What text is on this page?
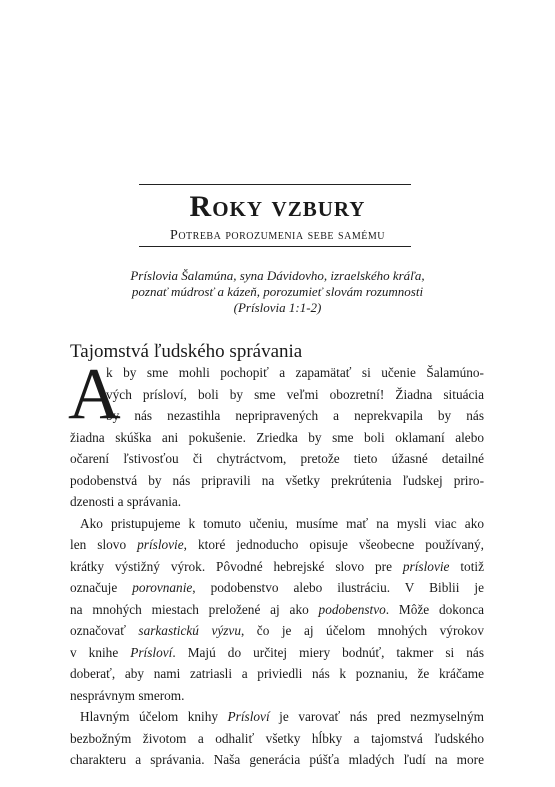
Roky vzbury
Potreba porozumenia sebe samému
Príslovia Šalamúna, syna Dávidovho, izraelského kráľa,
poznať múdrosť a kázeň, porozumieť slovám rozumnosti
(Príslovia 1:1-2)
Tajomstvá ľudského správania
A
k by sme mohli pochopiť a zapamätať si učenie Šalamúno-
vých prísloví, boli by sme veľmi obozretní! Žiadna situácia
by nás nezastihla nepripravených a neprekvapila by nás
žiadna skúška ani pokušenie. Zriedka by sme boli oklamaní alebo
očarení ľstivosťou či chytráctvom, pretože tieto úžasné detailné
podobenstvá by nás pripravili na všetky prekrútenia ľudskej prirо-
dzenosti a správania.
Ako pristupujeme k tomuto učeniu, musíme mať na mysli viac ako
len slovo príslovie, ktoré jednoducho opisuje všeobecne používaný,
krátky výstižný výrok. Pôvodné hebrejské slovo pre príslovie totiž
označuje porovnanie, podobenstvo alebo ilustráciu. V Biblii je
na mnohých miestach preložené aj ako podobenstvo. Môže dokonca
označovať sarkastickú výzvu, čo je aj účelom mnohých výrokov
v knihe Prísloví. Majú do určitej miery bodnúť, takmer si nás
doberať, aby nami zatriasli a priviedli nás k poznaniu, že kráčame
nesprávnym smerom.
Hlavným účelom knihy Prísloví je varovať nás pred nezmyselným
bezbožným životom a odhaliť všetky hĺbky a tajomstvá ľudského
charakteru a správania. Naša generácia púšťa mladých ľudí na more
